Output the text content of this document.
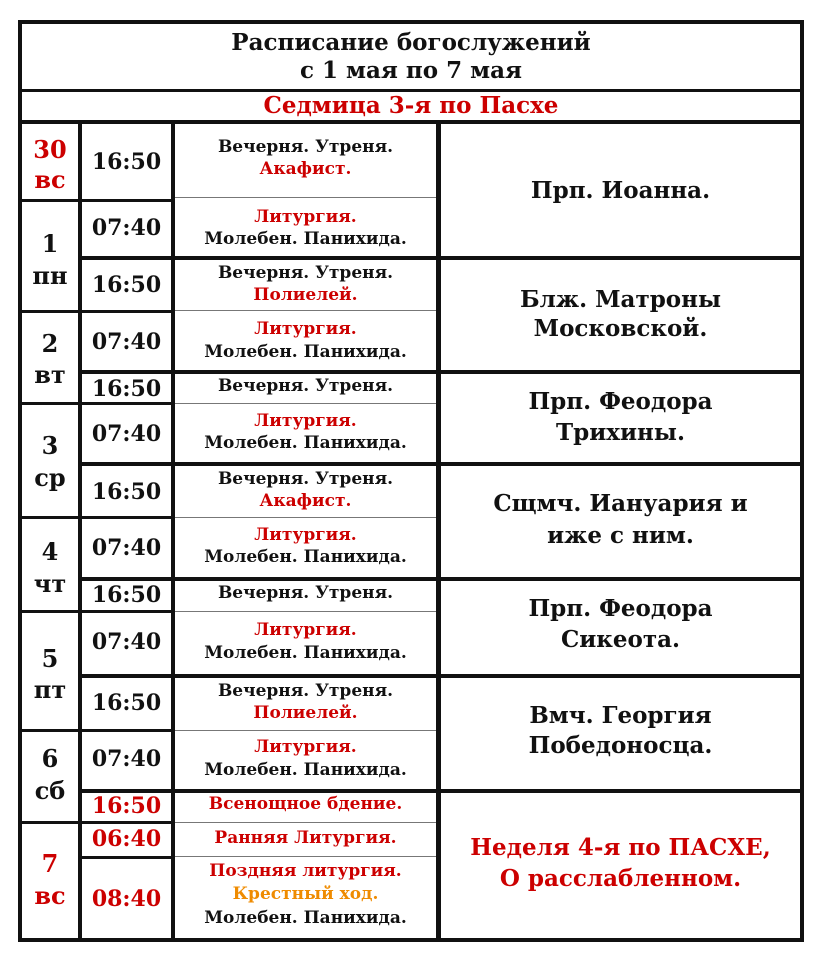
Расписание богослужений
с 1 мая по 7 мая
Седмица 3-я по Пасхе
30
вс
1
пн
2
вт
3
ср
4
чт
5
пт
6
сб
7
вс
16:50
07:40
16:50
07:40
16:50
07:40
16:50
07:40
16:50
07:40
16:50
07:40
16:50
06:40
08:40
Вечерня. Утреня.
Акафист.
Литургия.
Молебен. Панихида.
Вечерня. Утреня.
Полиелей.
Литургия.
Молебен. Панихида.
Вечерня. Утреня.
Литургия.
Молебен. Панихида.
Вечерня. Утреня.
Акафист.
Литургия.
Молебен. Панихида.
Вечерня. Утреня.
Литургия.
Молебен. Панихида.
Вечерня. Утреня.
Полиелей.
Литургия.
Молебен. Панихида.
Всенощное бдение.
Ранняя Литургия.
Поздняя литургия.
Крестный ход.
Молебен. Панихида.
Прп. Иоанна.
Блж. Матроны
Московской.
Прп. Феодора
Трихины.
Сщмч. Иануария и
иже с ним.
Прп. Феодора
Сикеота.
Вмч. Георгия
Победоносца.
Неделя 4-я по ПАСХЕ,
О расслабленном.
